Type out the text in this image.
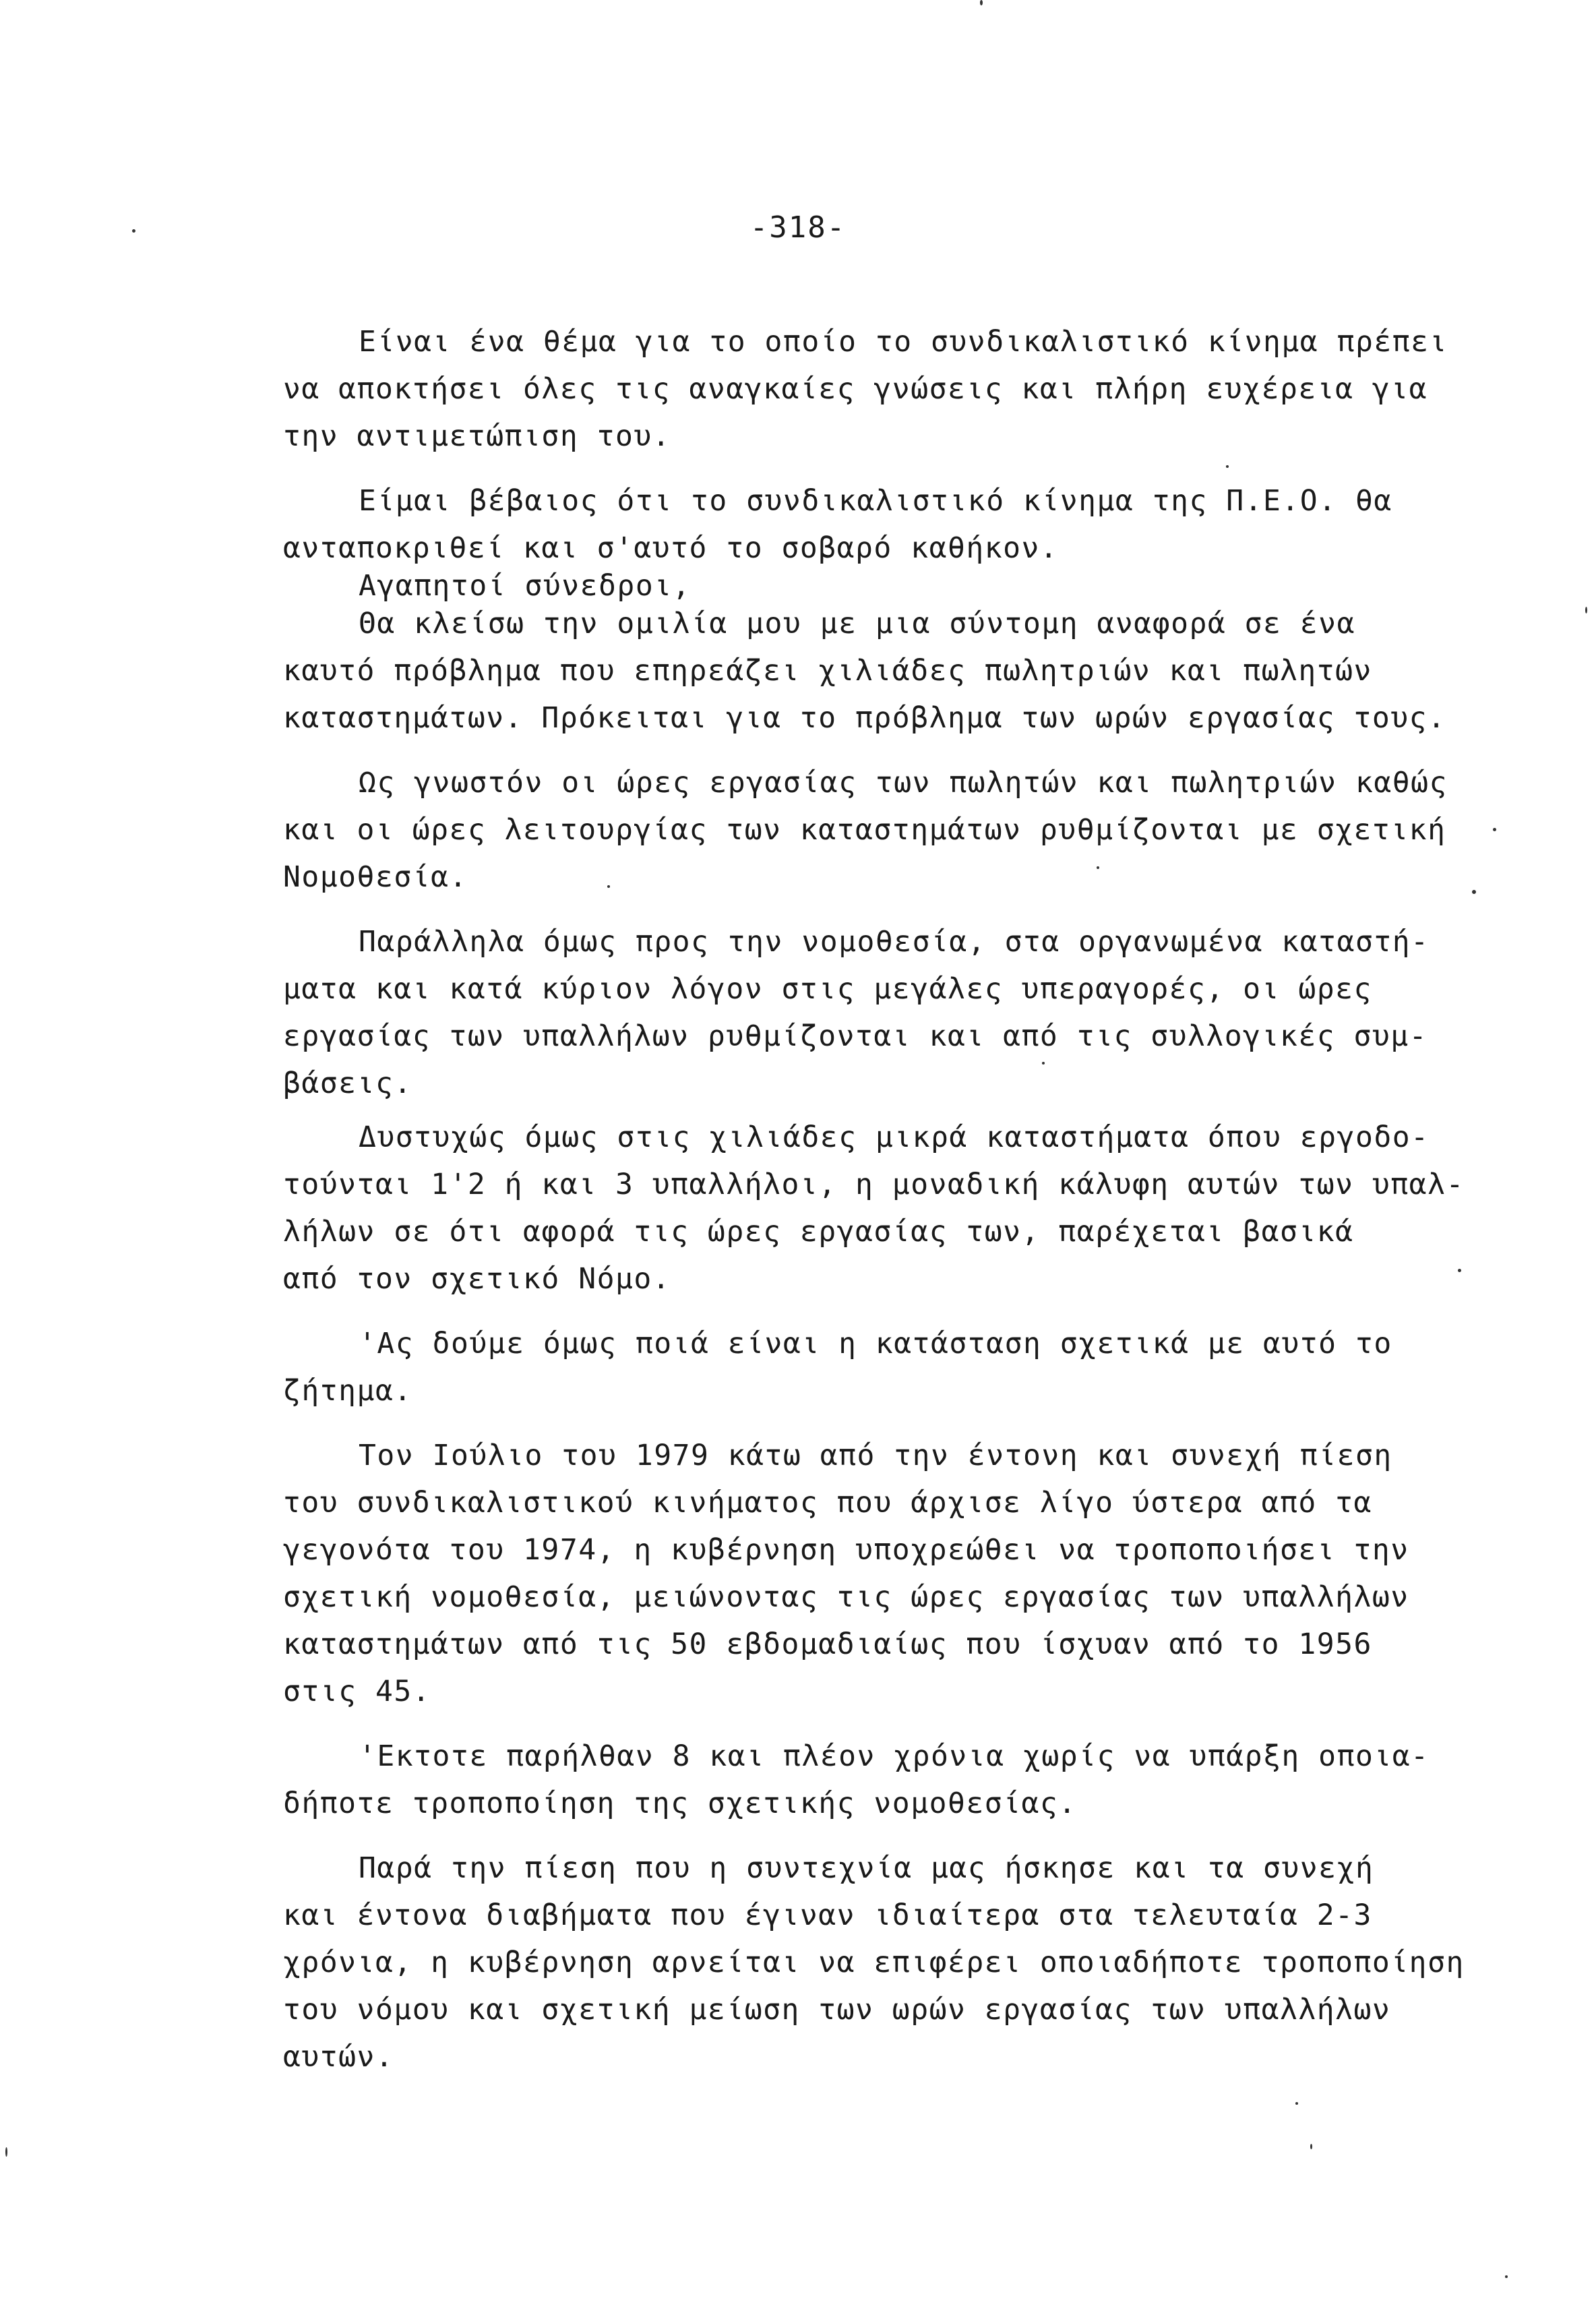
-318-
Είναι ένα θέμα για το οποίο το συνδικαλιστικό κίνημα πρέπει
να αποκτήσει όλες τις αναγκαίες γνώσεις και πλήρη ευχέρεια για
την αντιμετώπιση του.
Είμαι βέβαιος ότι το συνδικαλιστικό κίνημα της Π.Ε.Ο. θα
ανταποκριθεί και σ'αυτό το σοβαρό καθήκον.
Αγαπητοί σύνεδροι,
Θα κλείσω την ομιλία μου με μια σύντομη αναφορά σε ένα
καυτό πρόβλημα που επηρεάζει χιλιάδες πωλητριών και πωλητών
καταστημάτων. Πρόκειται για το πρόβλημα των ωρών εργασίας τους.
Ως γνωστόν οι ώρες εργασίας των πωλητών και πωλητριών καθώς
και οι ώρες λειτουργίας των καταστημάτων ρυθμίζονται με σχετική
Νομοθεσία.
Παράλληλα όμως προς την νομοθεσία, στα οργανωμένα καταστή-
ματα και κατά κύριον λόγον στις μεγάλες υπεραγορές, οι ώρες
εργασίας των υπαλλήλων ρυθμίζονται και από τις συλλογικές συμ-
βάσεις.
Δυστυχώς όμως στις χιλιάδες μικρά καταστήματα όπου εργοδο-
τούνται 1'2 ή και 3 υπαλλήλοι, η μοναδική κάλυφη αυτών των υπαλ-
λήλων σε ότι αφορά τις ώρες εργασίας των, παρέχεται βασικά
από τον σχετικό Νόμο.
'Ας δούμε όμως ποιά είναι η κατάσταση σχετικά με αυτό το
ζήτημα.
Τον Ιούλιο του 1979 κάτω από την έντονη και συνεχή πίεση
του συνδικαλιστικού κινήματος που άρχισε λίγο ύστερα από τα
γεγονότα του 1974, η κυβέρνηση υποχρεώθει να τροποποιήσει την
σχετική νομοθεσία, μειώνοντας τις ώρες εργασίας των υπαλλήλων
καταστημάτων από τις 50 εβδομαδιαίως που ίσχυαν από το 1956
στις 45.
'Εκτοτε παρήλθαν 8 και πλέον χρόνια χωρίς να υπάρξη οποια-
δήποτε τροποποίηση της σχετικής νομοθεσίας.
Παρά την πίεση που η συντεχνία μας ήσκησε και τα συνεχή
και έντονα διαβήματα που έγιναν ιδιαίτερα στα τελευταία 2-3
χρόνια, η κυβέρνηση αρνείται να επιφέρει οποιαδήποτε τροποποίηση
του νόμου και σχετική μείωση των ωρών εργασίας των υπαλλήλων
αυτών.
